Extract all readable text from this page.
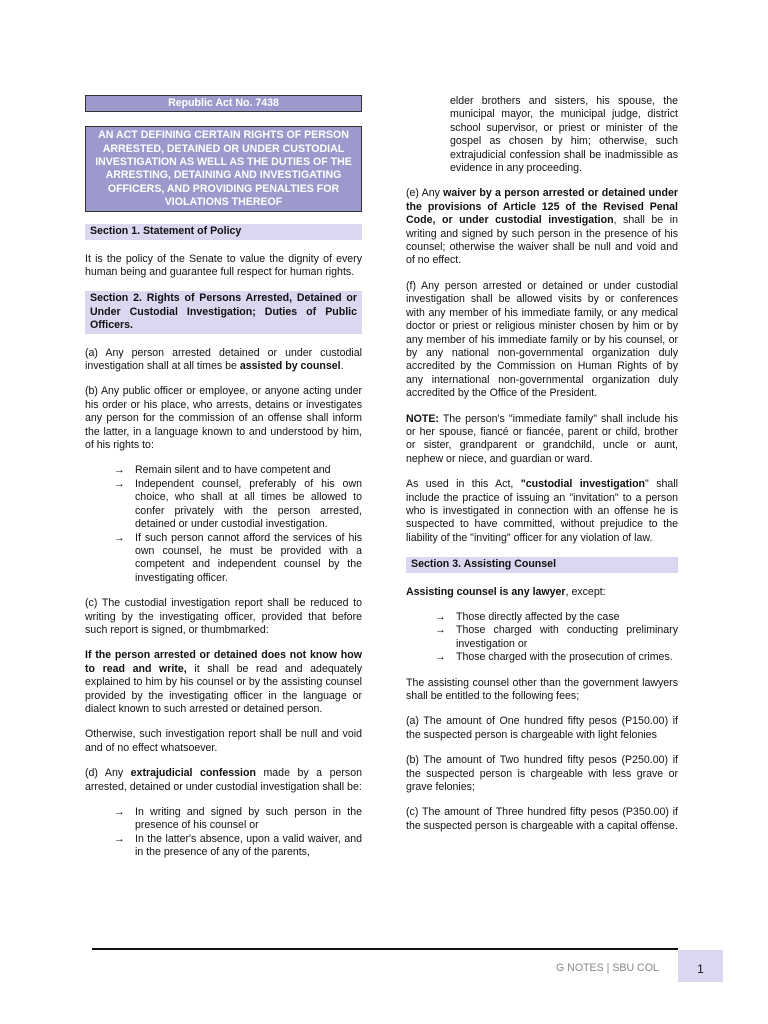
Republic Act No. 7438
AN ACT DEFINING CERTAIN RIGHTS OF PERSON ARRESTED, DETAINED OR UNDER CUSTODIAL INVESTIGATION AS WELL AS THE DUTIES OF THE ARRESTING, DETAINING AND INVESTIGATING OFFICERS, AND PROVIDING PENALTIES FOR VIOLATIONS THEREOF
Section 1. Statement of Policy

It is the policy of the Senate to value the dignity of every human being and guarantee full respect for human rights.

Section 2. Rights of Persons Arrested, Detained or Under Custodial Investigation; Duties of Public Officers.

(a) Any person arrested detained or under custodial investigation shall at all times be assisted by counsel.

(b) Any public officer or employee, or anyone acting under his order or his place, who arrests, detains or investigates any person for the commission of an offense shall inform the latter, in a language known to and understood by him, of his rights to:

→ Remain silent and to have competent and
→ Independent counsel, preferably of his own choice, who shall at all times be allowed to confer privately with the person arrested, detained or under custodial investigation.
→ If such person cannot afford the services of his own counsel, he must be provided with a competent and independent counsel by the investigating officer.

(c) The custodial investigation report shall be reduced to writing by the investigating officer, provided that before such report is signed, or thumbmarked:

If the person arrested or detained does not know how to read and write, it shall be read and adequately explained to him by his counsel or by the assisting counsel provided by the investigating officer in the language or dialect known to such arrested or detained person.

Otherwise, such investigation report shall be null and void and of no effect whatsoever.

(d) Any extrajudicial confession made by a person arrested, detained or under custodial investigation shall be:

→ In writing and signed by such person in the presence of his counsel or
→ In the latter's absence, upon a valid waiver, and in the presence of any of the parents,
elder brothers and sisters, his spouse, the municipal mayor, the municipal judge, district school supervisor, or priest or minister of the gospel as chosen by him; otherwise, such extrajudicial confession shall be inadmissible as evidence in any proceeding.

(e) Any waiver by a person arrested or detained under the provisions of Article 125 of the Revised Penal Code, or under custodial investigation, shall be in writing and signed by such person in the presence of his counsel; otherwise the waiver shall be null and void and of no effect.

(f) Any person arrested or detained or under custodial investigation shall be allowed visits by or conferences with any member of his immediate family, or any medical doctor or priest or religious minister chosen by him or by any member of his immediate family or by his counsel, or by any national non-governmental organization duly accredited by the Commission on Human Rights of by any international non-governmental organization duly accredited by the Office of the President.

NOTE: The person's "immediate family" shall include his or her spouse, fiancé or fiancée, parent or child, brother or sister, grandparent or grandchild, uncle or aunt, nephew or niece, and guardian or ward.

As used in this Act, "custodial investigation" shall include the practice of issuing an "invitation" to a person who is investigated in connection with an offense he is suspected to have committed, without prejudice to the liability of the "inviting" officer for any violation of law.

Section 3. Assisting Counsel

Assisting counsel is any lawyer, except:

→ Those directly affected by the case
→ Those charged with conducting preliminary investigation or
→ Those charged with the prosecution of crimes.

The assisting counsel other than the government lawyers shall be entitled to the following fees;

(a) The amount of One hundred fifty pesos (P150.00) if the suspected person is chargeable with light felonies

(b) The amount of Two hundred fifty pesos (P250.00) if the suspected person is chargeable with less grave or grave felonies;

(c) The amount of Three hundred fifty pesos (P350.00) if the suspected person is chargeable with a capital offense.

G NOTES | SBU COL	1
